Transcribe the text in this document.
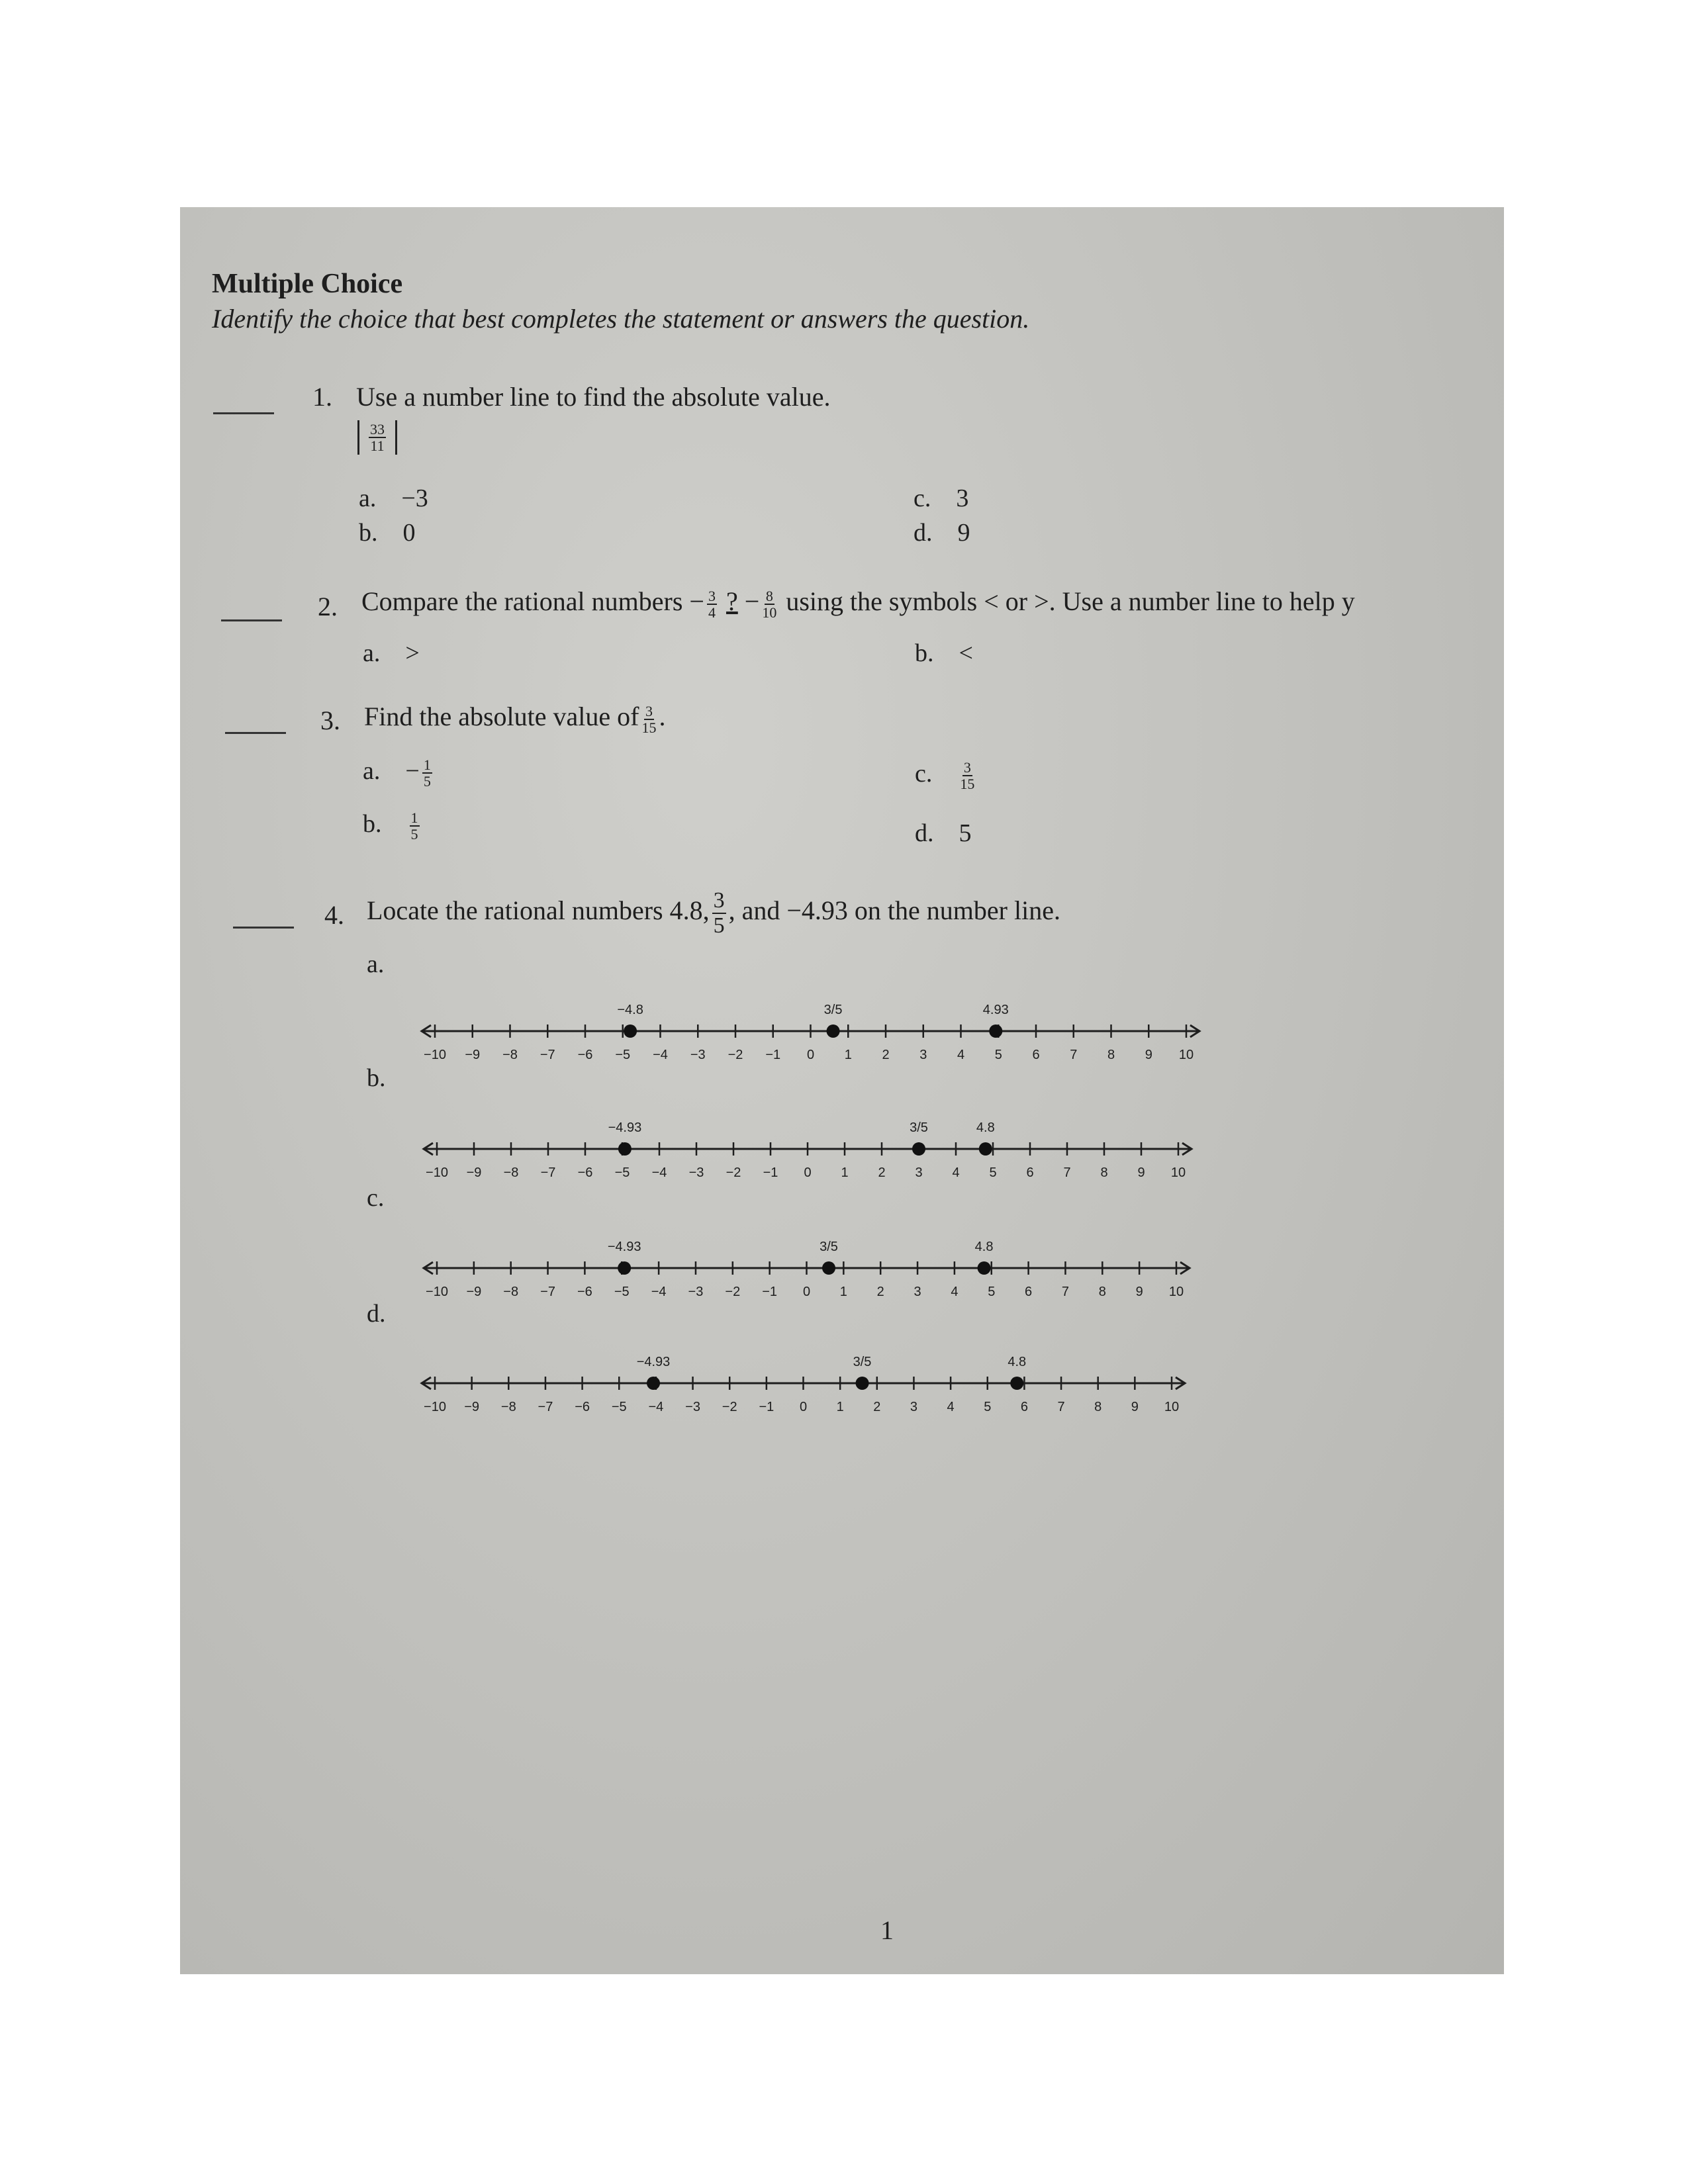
Multiple Choice
Identify the choice that best completes the statement or answers the question.
1. Use a number line to find the absolute value.
$\frac{33}{11}$
a. −3
b. 0
c. 3
d. 9
2. Compare the rational numbers − $\frac{3}{4}$ ? − $\frac{8}{10}$ using the symbols < or >. Use a number line to help y
a. >	b. <
3. Find the absolute value of $\frac{3}{15}$ .
a. − $\frac{1}{5}$
b. $\frac{1}{5}$
c. $\frac{3}{15}$
d. 5
4. Locate the rational numbers 4.8, $\frac{3}{5}$ , and −4.93 on the number line.
a.
b.
c.
d.
−10 −9 −8 −7 −6 −5 −4 −3 −2 −1 0 1 2 3 4 5 6 7 8 9 10
−4.8	3/5	4.93
−10 −9 −8 −7 −6 −5 −4 −3 −2 −1 0 1 2 3 4 5 6 7 8 9 10
−4.93	3/5	4.8
−10 −9 −8 −7 −6 −5 −4 −3 −2 −1 0 1 2 3 4 5 6 7 8 9 10
−4.93	3/5	4.8
−10 −9 −8 −7 −6 −5 −4 −3 −2 −1 0 1 2 3 4 5 6 7 8 9 10
−4.93	3/5	4.8
1
